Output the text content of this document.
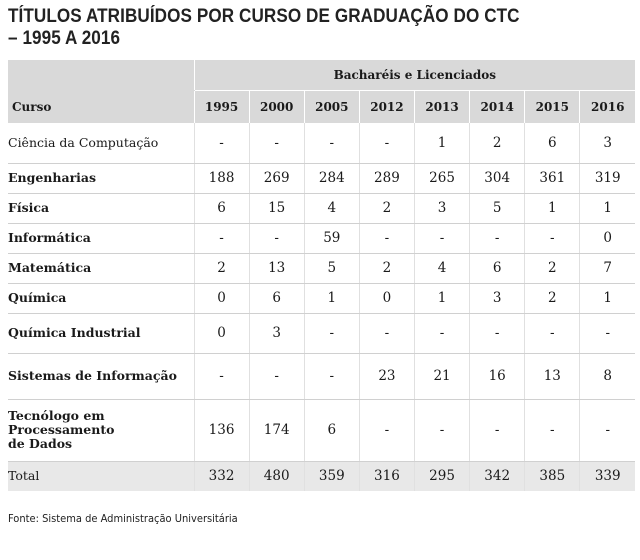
TÍTULOS ATRIBUÍDOS POR CURSO DE GRADUAÇÃO DO CTC
– 1995 A 2016
	Bacharéis e Licenciados							
Curso	1995	2000	2005	2012	2013	2014	2015	2016
Ciência da Computação	-	-	-	-	1	2	6	3
Engenharias	188	269	284	289	265	304	361	319
Física	6	15	4	2	3	5	1	1
Informática	-	-	59	-	-	-	-	0
Matemática	2	13	5	2	4	6	2	7
Química	0	6	1	0	1	3	2	1
Química Industrial	0	3	-	-	-	-	-	-
Sistemas de Informação	-	-	-	23	21	16	13	8

Tecnólogo em
Processamento
de Dados	136	174	6	-	-	-	-	-
Total	332	480	359	316	295	342	385	339
Fonte: Sistema de Administração Universitária
